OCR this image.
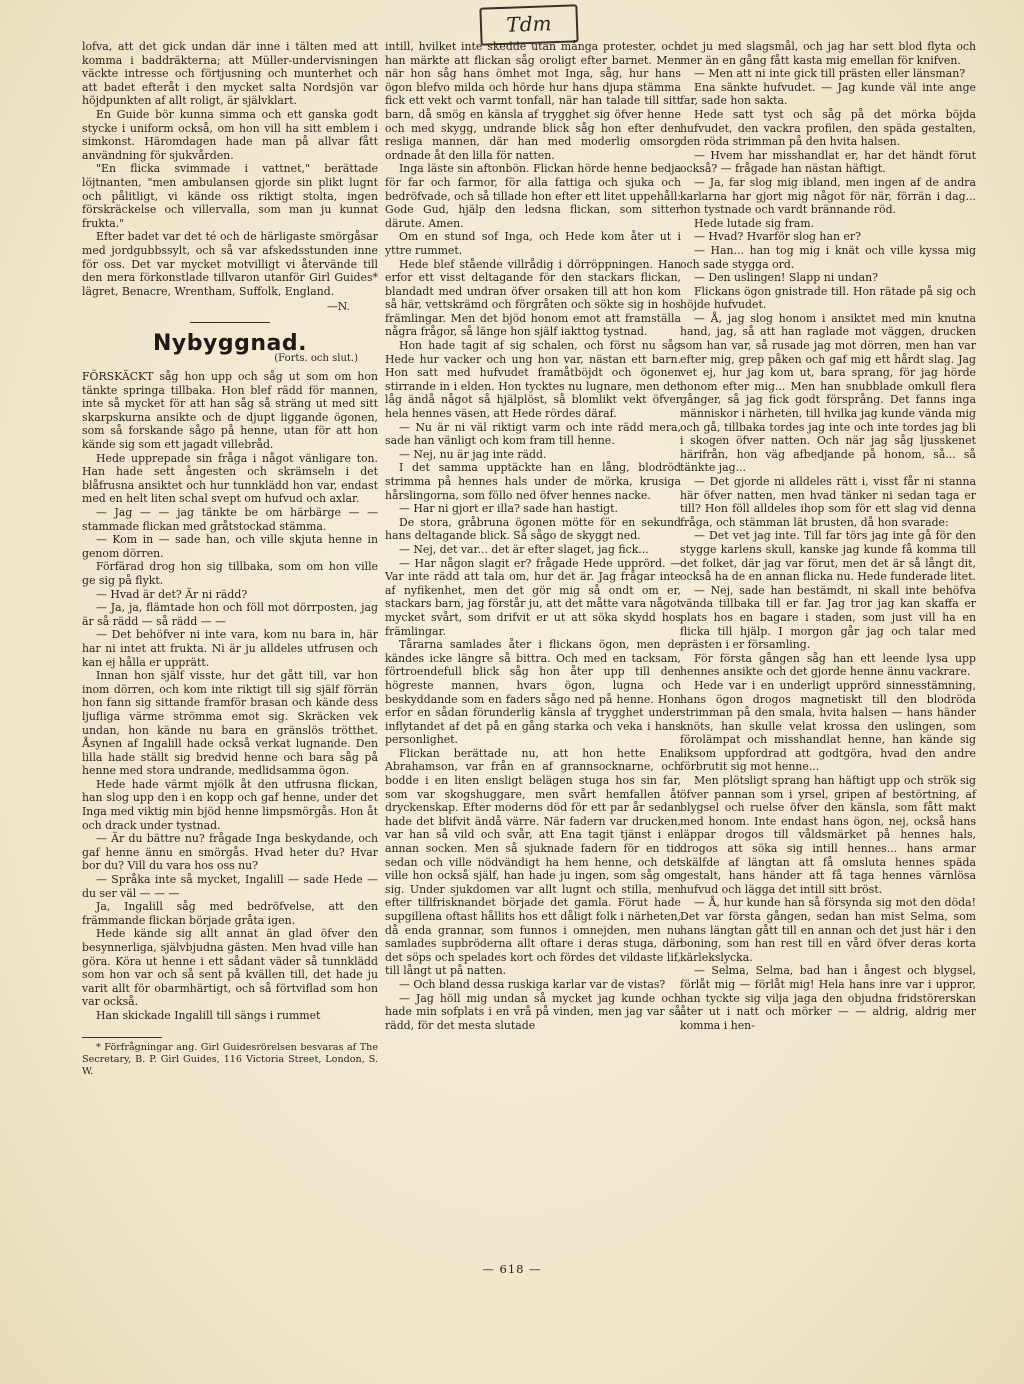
Tdm

lofva, att det gick undan där inne i tälten med att komma i baddräkterna; att Müller-undervisningen väckte intresse och förtjusning och munterhet och att badet efteråt i den mycket salta Nordsjön var höjdpunkten af allt roligt, är självklart.

En Guide bör kunna simma och ett ganska godt stycke i uniform också, om hon vill ha sitt emblem i simkonst. Häromdagen hade man på allvar fått användning för sjukvården.

"En flicka svimmade i vattnet," berättade löjtnanten, "men ambulansen gjorde sin plikt lugnt och pålitligt, vi kände oss riktigt stolta, ingen förskräckelse och villervalla, som man ju kunnat frukta."

Efter badet var det té och de härligaste smörgåsar med jordgubbssylt, och så var afskedsstunden inne för oss. Det var mycket motvilligt vi återvände till den mera förkonstlade tillvaron utanför Girl Guides* lägret, Benacre, Wrentham, Suffolk, England.

—N.
Nybyggnad.
(Forts. och slut.)

FÖRSKÄCKT såg hon upp och såg ut som om hon tänkte springa tillbaka. Hon blef rädd för mannen, inte så mycket för att han såg så sträng ut med sitt skarpskurna ansikte och de djupt liggande ögonen, som så forskande sågo på henne, utan för att hon kände sig som ett jagadt villebråd.

Hede upprepade sin fråga i något vänligare ton. Han hade sett ångesten och skrämseln i det blåfrusna ansiktet och hur tunnklädd hon var, endast med en helt liten schal svept om hufvud och axlar.

— Jag — — jag tänkte be om härbärge — — stammade flickan med gråtstockad stämma.

— Kom in — sade han, och ville skjuta henne in genom dörren.

Förfärad drog hon sig tillbaka, som om hon ville ge sig på flykt.

— Hvad är det? Är ni rädd?

— Ja, ja, flämtade hon och föll mot dörrposten, jag är så rädd — så rädd — —

— Det behöfver ni inte vara, kom nu bara in, här har ni intet att frukta. Ni är ju alldeles utfrusen och kan ej hålla er upprätt.

Innan hon själf visste, hur det gått till, var hon inom dörren, och kom inte riktigt till sig själf förrän hon fann sig sittande framför brasan och kände dess ljufliga värme strömma emot sig. Skräcken vek undan, hon kände nu bara en gränslös trötthet. Åsynen af Ingalill hade också verkat lugnande. Den lilla hade ställt sig bredvid henne och bara såg på henne med stora undrande, medlidsamma ögon.

Hede hade värmt mjölk åt den utfrusna flickan, han slog upp den i en kopp och gaf henne, under det Inga med viktig min bjöd henne limpsmörgås. Hon åt och drack under tystnad.

— Är du bättre nu? frågade Inga beskydande, och gaf henne ännu en smörgås. Hvad heter du? Hvar bor du? Vill du vara hos oss nu?

— Språka inte så mycket, Ingalill — sade Hede — du ser väl — — —

Ja, Ingalill såg med bedröfvelse, att den främmande flickan började gråta igen.

Hede kände sig allt annat än glad öfver den besynnerliga, självbjudna gästen. Men hvad ville han göra. Köra ut henne i ett sådant väder så tunnklädd som hon var och så sent på kvällen till, det hade ju varit allt för obarmhärtigt, och så förtviflad som hon var också.

Han skickade Ingalill till sängs i rummet

* Förfrågningar ang. Girl Guidesrörelsen besvaras af The Secretary, B. P. Girl Guides, 116 Victoria Street, London, S. W.

intill, hvilket inte skedde utan många protester, och han märkte att flickan såg oroligt efter barnet. Men när hon såg hans ömhet mot Inga, såg, hur hans ögon blefvo milda och hörde hur hans djupa stämma fick ett vekt och varmt tonfall, när han talade till sitt barn, då smög en känsla af trygghet sig öfver henne och med skygg, undrande blick såg hon efter den resliga mannen, där han med moderlig omsorg ordnade åt den lilla för natten.

Inga läste sin aftonbön. Flickan hörde henne bedja för far och farmor, för alla fattiga och sjuka och bedröfvade, och så tillade hon efter ett litet uppehåll: Gode Gud, hjälp den ledsna flickan, som sitter därute. Amen.

Om en stund sof Inga, och Hede kom åter ut i yttre rummet.

Hede blef stående villrådig i dörröppningen. Han erfor ett visst deltagande för den stackars flickan, blandadt med undran öfver orsaken till att hon kom så här, vettskrämd och förgråten och sökte sig in hos främlingar. Men det bjöd honom emot att framställa några frågor, så länge hon själf iakttog tystnad.

Hon hade tagit af sig schalen, och först nu såg Hede hur vacker och ung hon var, nästan ett barn. Hon satt med hufvudet framåtböjdt och ögonen stirrande in i elden. Hon tycktes nu lugnare, men det låg ändå något så hjälplöst, så blomlikt vekt öfver hela hennes väsen, att Hede rördes däraf.

— Nu är ni väl riktigt varm och inte rädd mera, sade han vänligt och kom fram till henne.

— Nej, nu är jag inte rädd.

I det samma upptäckte han en lång, blodröd strimma på hennes hals under de mörka, krusiga hårslingorna, som föllo ned öfver hennes nacke.

— Har ni gjort er illa? sade han hastigt.

De stora, gråbruna ögonen mötte för en sekund hans deltagande blick. Så sågo de skyggt ned.

— Nej, det var... det är efter slaget, jag fick...

— Har någon slagit er? frågade Hede upprörd. — Var inte rädd att tala om, hur det är. Jag frågar inte af nyfikenhet, men det gör mig så ondt om er, stackars barn, jag förstår ju, att det måtte vara något mycket svårt, som drifvit er ut att söka skydd hos främlingar.

Tårarna samlades åter i flickans ögon, men de kändes icke längre så bittra. Och med en tacksam, förtroendefull blick såg hon åter upp till den högreste mannen, hvars ögon, lugna och beskyddande som en faders sågo ned på henne. Hon erfor en sådan förunderlig känsla af trygghet under inflytandet af det på en gång starka och veka i hans personlighet.

Flickan berättade nu, att hon hette Ena Abrahamson, var från en af grannsocknarne, och bodde i en liten ensligt belägen stuga hos sin far, som var skogshuggare, men svårt hemfallen åt dryckenskap. Efter moderns död för ett par år sedan hade det blifvit ändå värre. När fadern var drucken, var han så vild och svår, att Ena tagit tjänst i en annan socken. Men så sjuknade fadern för en tid sedan och ville nödvändigt ha hem henne, och det ville hon också själf, han hade ju ingen, som såg om sig. Under sjukdomen var allt lugnt och stilla, men efter tillfrisknandet började det gamla. Förut hade supgillena oftast hållits hos ett dåligt folk i närheten, då enda grannar, som funnos i omnejden, men nu samlades supbröderna allt oftare i deras stuga, där det söps och spelades kort och fördes det vildaste lif, till långt ut på natten.

— Och bland dessa ruskiga karlar var de vistas?

— Jag höll mig undan så mycket jag kunde och hade min sofplats i en vrå på vinden, men jag var så rädd, för det mesta slutade

det ju med slagsmål, och jag har sett blod flyta och mer än en gång fått kasta mig emellan för knifven.

— Men att ni inte gick till prästen eller länsman?

Ena sänkte hufvudet. — Jag kunde väl inte ange far, sade hon sakta.

Hede satt tyst och såg på det mörka böjda hufvudet, den vackra profilen, den späda gestalten, den röda strimman på den hvita halsen.

— Hvem har misshandlat er, har det händt förut också? — frågade han nästan häftigt.

— Ja, far slog mig ibland, men ingen af de andra karlarna har gjort mig något för när, förrän i dag... hon tystnade och vardt brännande röd.

Hede lutade sig fram.

— Hvad? Hvarför slog han er?

— Han... han tog mig i knät och ville kyssa mig och sade stygga ord.

— Den uslingen! Slapp ni undan?

Flickans ögon gnistrade till. Hon rätade på sig och höjde hufvudet.

— Å, jag slog honom i ansiktet med min knutna hand, jag, så att han raglade mot väggen, drucken som han var, så rusade jag mot dörren, men han var efter mig, grep påken och gaf mig ett hårdt slag. Jag vet ej, hur jag kom ut, bara sprang, för jag hörde honom efter mig... Men han snubblade omkull flera gånger, så jag fick godt försprång. Det fanns inga människor i närheten, till hvilka jag kunde vända mig och gå, tillbaka tordes jag inte och inte tordes jag bli i skogen öfver natten. Och när jag såg ljusskenet härifrån, hon väg afbedjande på honom, så... så tänkte jag...

— Det gjorde ni alldeles rätt i, visst får ni stanna här öfver natten, men hvad tänker ni sedan taga er till? Hon föll alldeles ihop som för ett slag vid denna fråga, och stämman lät brusten, då hon svarade:

— Det vet jag inte. Till far törs jag inte gå för den stygge karlens skull, kanske jag kunde få komma till det folket, där jag var förut, men det är så långt dit, också ha de en annan flicka nu. Hede funderade litet.

— Nej, sade han bestämdt, ni skall inte behöfva vända tillbaka till er far. Jag tror jag kan skaffa er plats hos en bagare i staden, som just vill ha en flicka till hjälp. I morgon går jag och talar med prästen i er församling.

För första gången såg han ett leende lysa upp hennes ansikte och det gjorde henne ännu vackrare.

Hede var i en underligt upprörd sinnesstämning, hans ögon drogos magnetiskt till den blodröda strimman på den smala, hvita halsen — hans händer knöts, han skulle velat krossa den uslingen, som förolämpat och misshandlat henne, han kände sig liksom uppfordrad att godtgöra, hvad den andre förbrutit sig mot henne...

Men plötsligt sprang han häftigt upp och strök sig öfver pannan som i yrsel, gripen af bestörtning, af blygsel och ruelse öfver den känsla, som fått makt med honom. Inte endast hans ögon, nej, också hans läppar drogos till våldsmärket på hennes hals, drogos att söka sig intill hennes... hans armar skälfde af längtan att få omsluta hennes späda gestalt, hans händer att få taga hennes värnlösa hufvud och lägga det intill sitt bröst.

— Å, hur kunde han så försynda sig mot den döda! Det var första gången, sedan han mist Selma, som hans längtan gått till en annan och det just här i den boning, som han rest till en vård öfver deras korta kärlekslycka.

— Selma, Selma, bad han i ångest och blygsel, förlåt mig — förlåt mig! Hela hans inre var i uppror, han tyckte sig vilja jaga den objudna fridstörerskan åter ut i natt och mörker — — aldrig, aldrig mer komma i hen-

— 618 —
